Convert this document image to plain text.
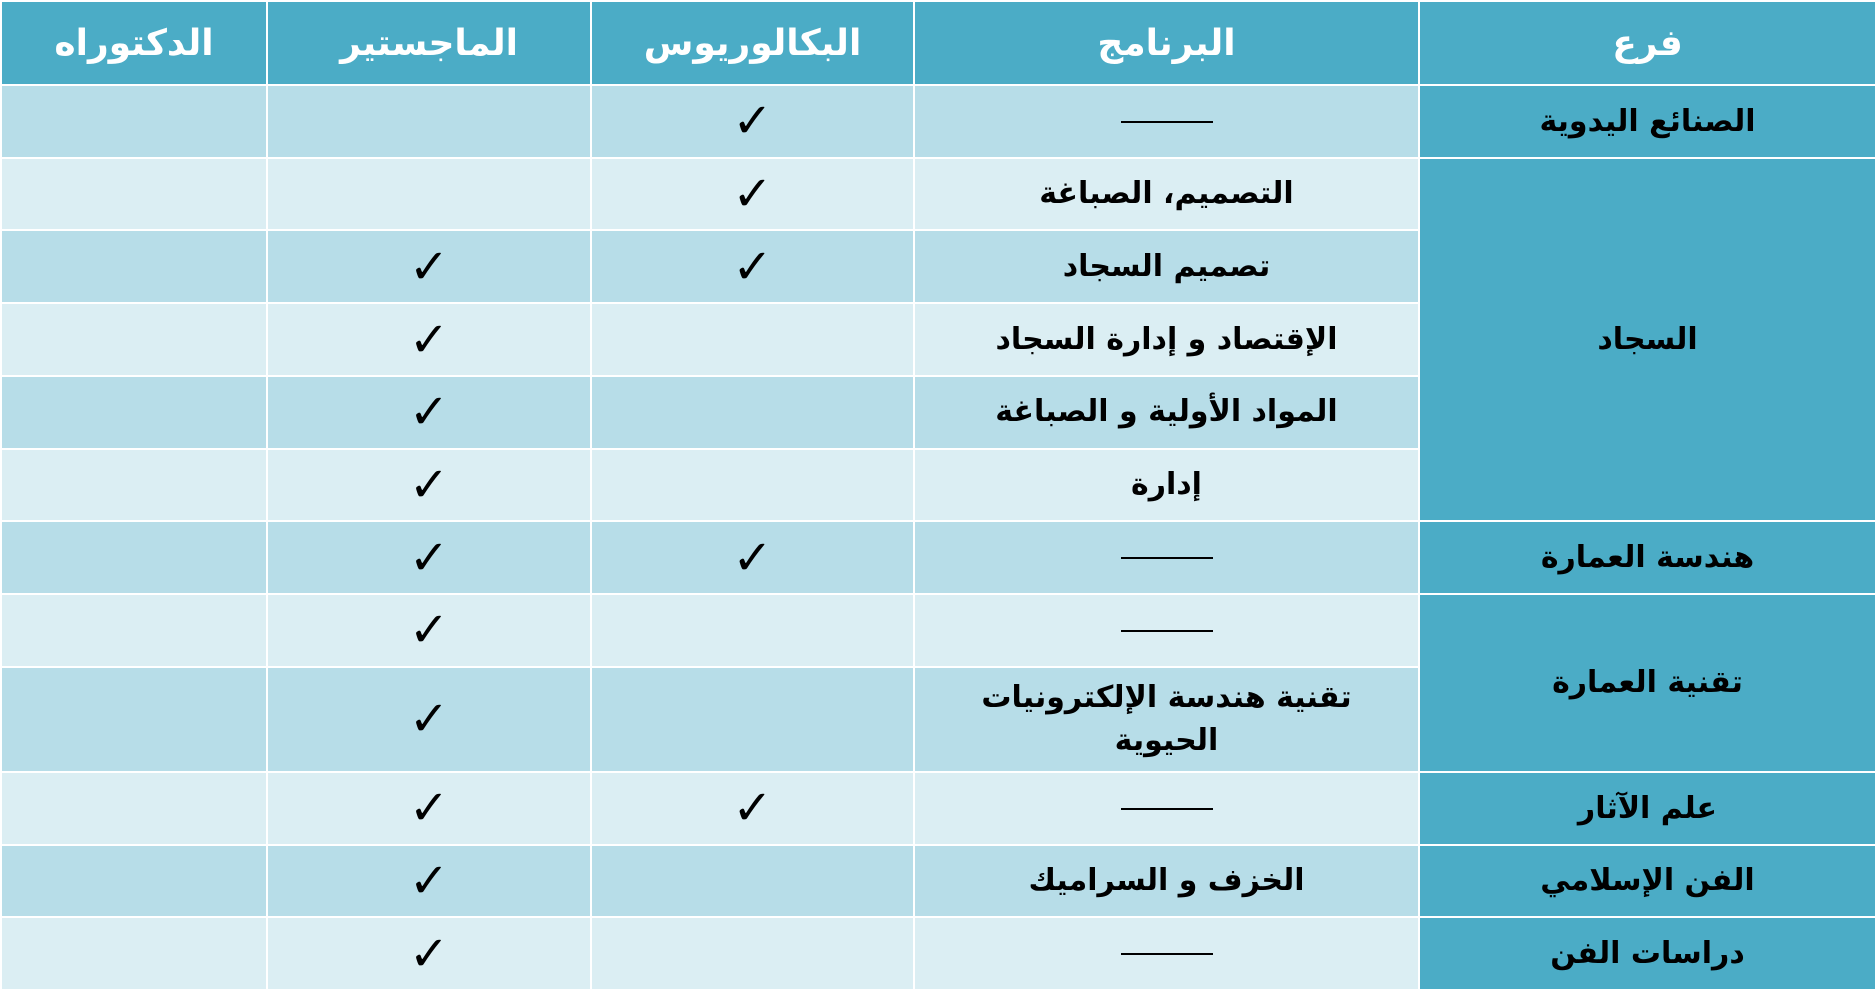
فرع	البرنامج	البكالوريوس	الماجستير	الدكتوراه
الصنائع اليدوية		✓		
السجاد	التصميم، الصباغة	✓		
	تصميم السجاد	✓	✓	
	الإقتصاد و إدارة السجاد		✓	
	المواد الأولية و الصباغة		✓	
	إدارة		✓	
هندسة العمارة		✓	✓	
تقنية العمارة			✓	
	تقنية هندسة الإلكترونيات الحيوية		✓	
علم الآثار		✓	✓	
الفن الإسلامي	الخزف و السراميك		✓	
دراسات الفن			✓	
